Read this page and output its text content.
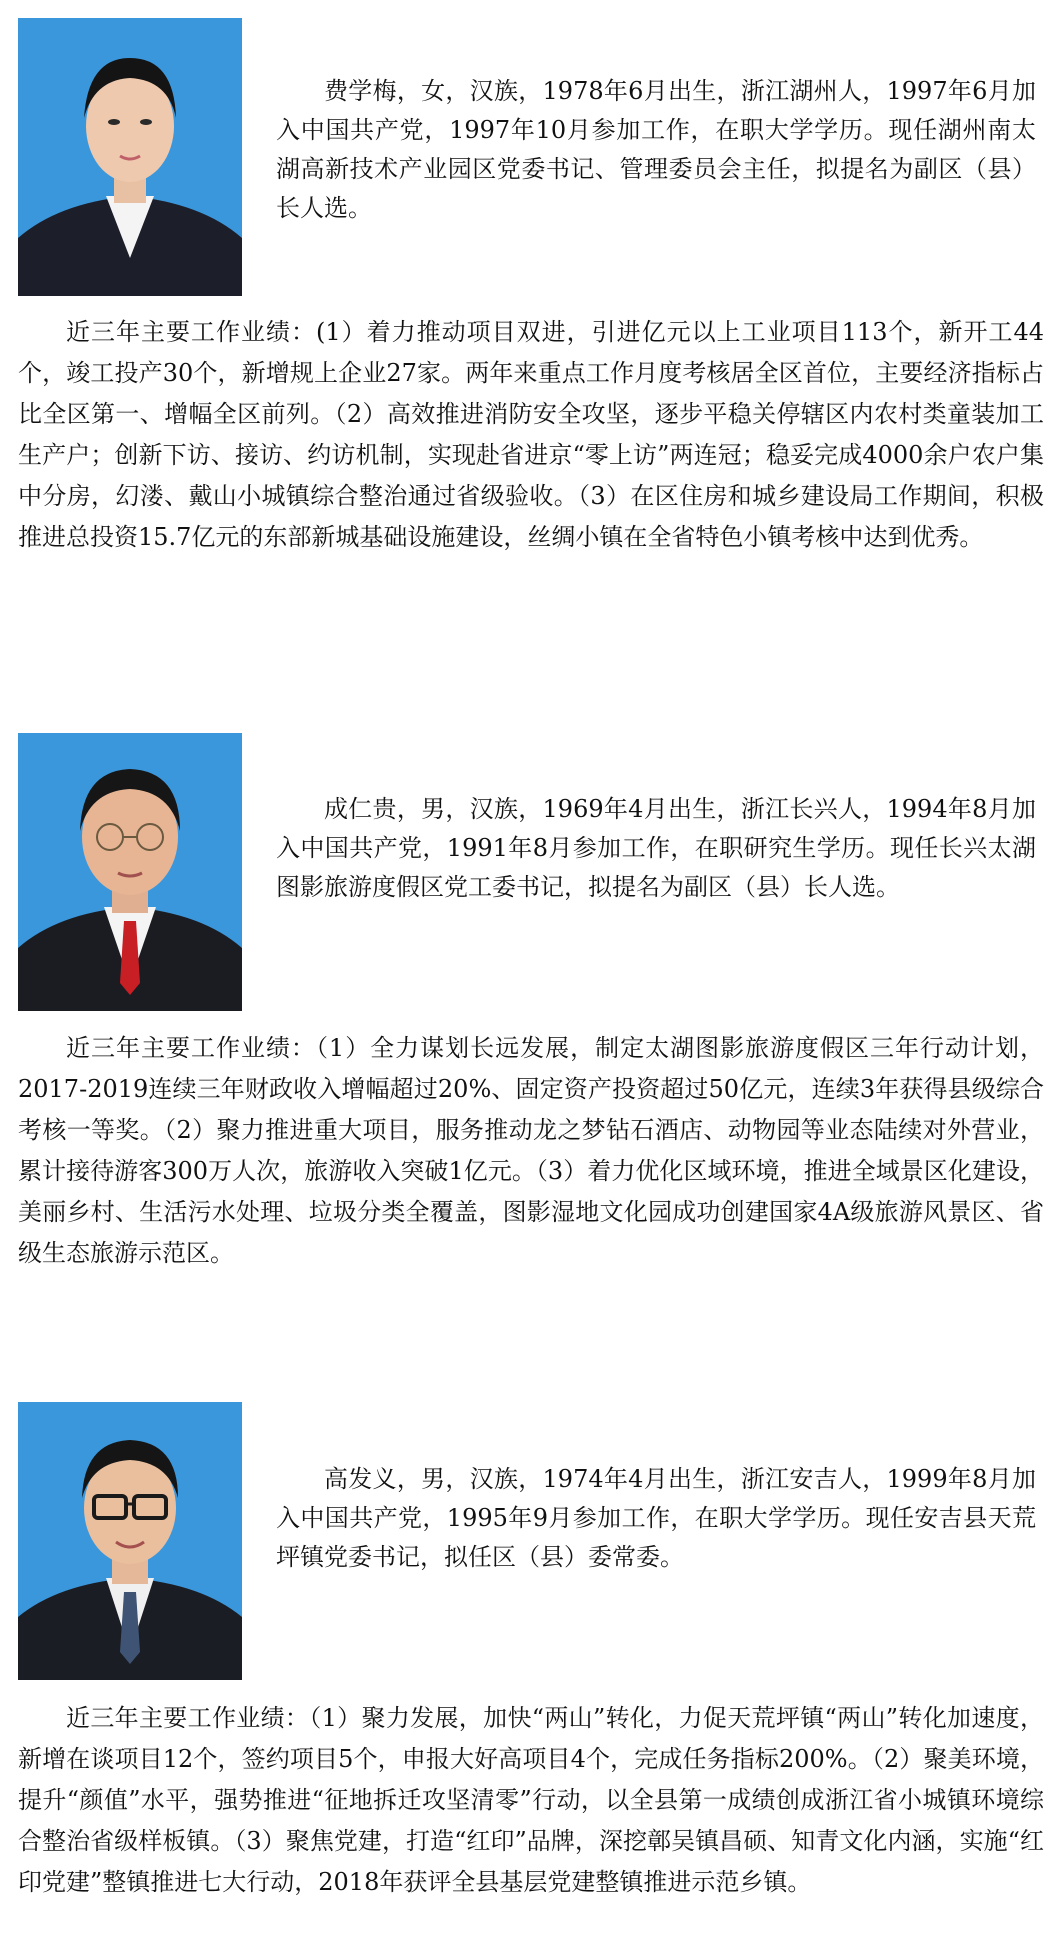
费学梅，女，汉族，1978年6月出生，浙江湖州人，1997年6月加入中国共产党，1997年10月参加工作，在职大学学历。现任湖州南太湖高新技术产业园区党委书记、管理委员会主任，拟提名为副区（县）长人选。

近三年主要工作业绩：(1）着力推动项目双进，引进亿元以上工业项目113个，新开工44个，竣工投产30个，新增规上企业27家。两年来重点工作月度考核居全区首位，主要经济指标占比全区第一、增幅全区前列。（2）高效推进消防安全攻坚，逐步平稳关停辖区内农村类童装加工生产户；创新下访、接访、约访机制，实现赴省进京“零上访”两连冠；稳妥完成4000余户农户集中分房，幻溇、戴山小城镇综合整治通过省级验收。（3）在区住房和城乡建设局工作期间，积极推进总投资15.7亿元的东部新城基础设施建设，丝绸小镇在全省特色小镇考核中达到优秀。

成仁贵，男，汉族，1969年4月出生，浙江长兴人，1994年8月加入中国共产党，1991年8月参加工作，在职研究生学历。现任长兴太湖图影旅游度假区党工委书记，拟提名为副区（县）长人选。

近三年主要工作业绩：（1）全力谋划长远发展，制定太湖图影旅游度假区三年行动计划，2017-2019连续三年财政收入增幅超过20%、固定资产投资超过50亿元，连续3年获得县级综合考核一等奖。（2）聚力推进重大项目，服务推动龙之梦钻石酒店、动物园等业态陆续对外营业，累计接待游客300万人次，旅游收入突破1亿元。（3）着力优化区域环境，推进全域景区化建设，美丽乡村、生活污水处理、垃圾分类全覆盖，图影湿地文化园成功创建国家4A级旅游风景区、省级生态旅游示范区。

高发义，男，汉族，1974年4月出生，浙江安吉人，1999年8月加入中国共产党，1995年9月参加工作，在职大学学历。现任安吉县天荒坪镇党委书记，拟任区（县）委常委。

近三年主要工作业绩：（1）聚力发展，加快“两山”转化，力促天荒坪镇“两山”转化加速度，新增在谈项目12个，签约项目5个，申报大好高项目4个，完成任务指标200%。（2）聚美环境，提升“颜值”水平，强势推进“征地拆迁攻坚清零”行动，以全县第一成绩创成浙江省小城镇环境综合整治省级样板镇。（3）聚焦党建，打造“红印”品牌，深挖鄣吴镇昌硕、知青文化内涵，实施“红印党建”整镇推进七大行动，2018年获评全县基层党建整镇推进示范乡镇。
